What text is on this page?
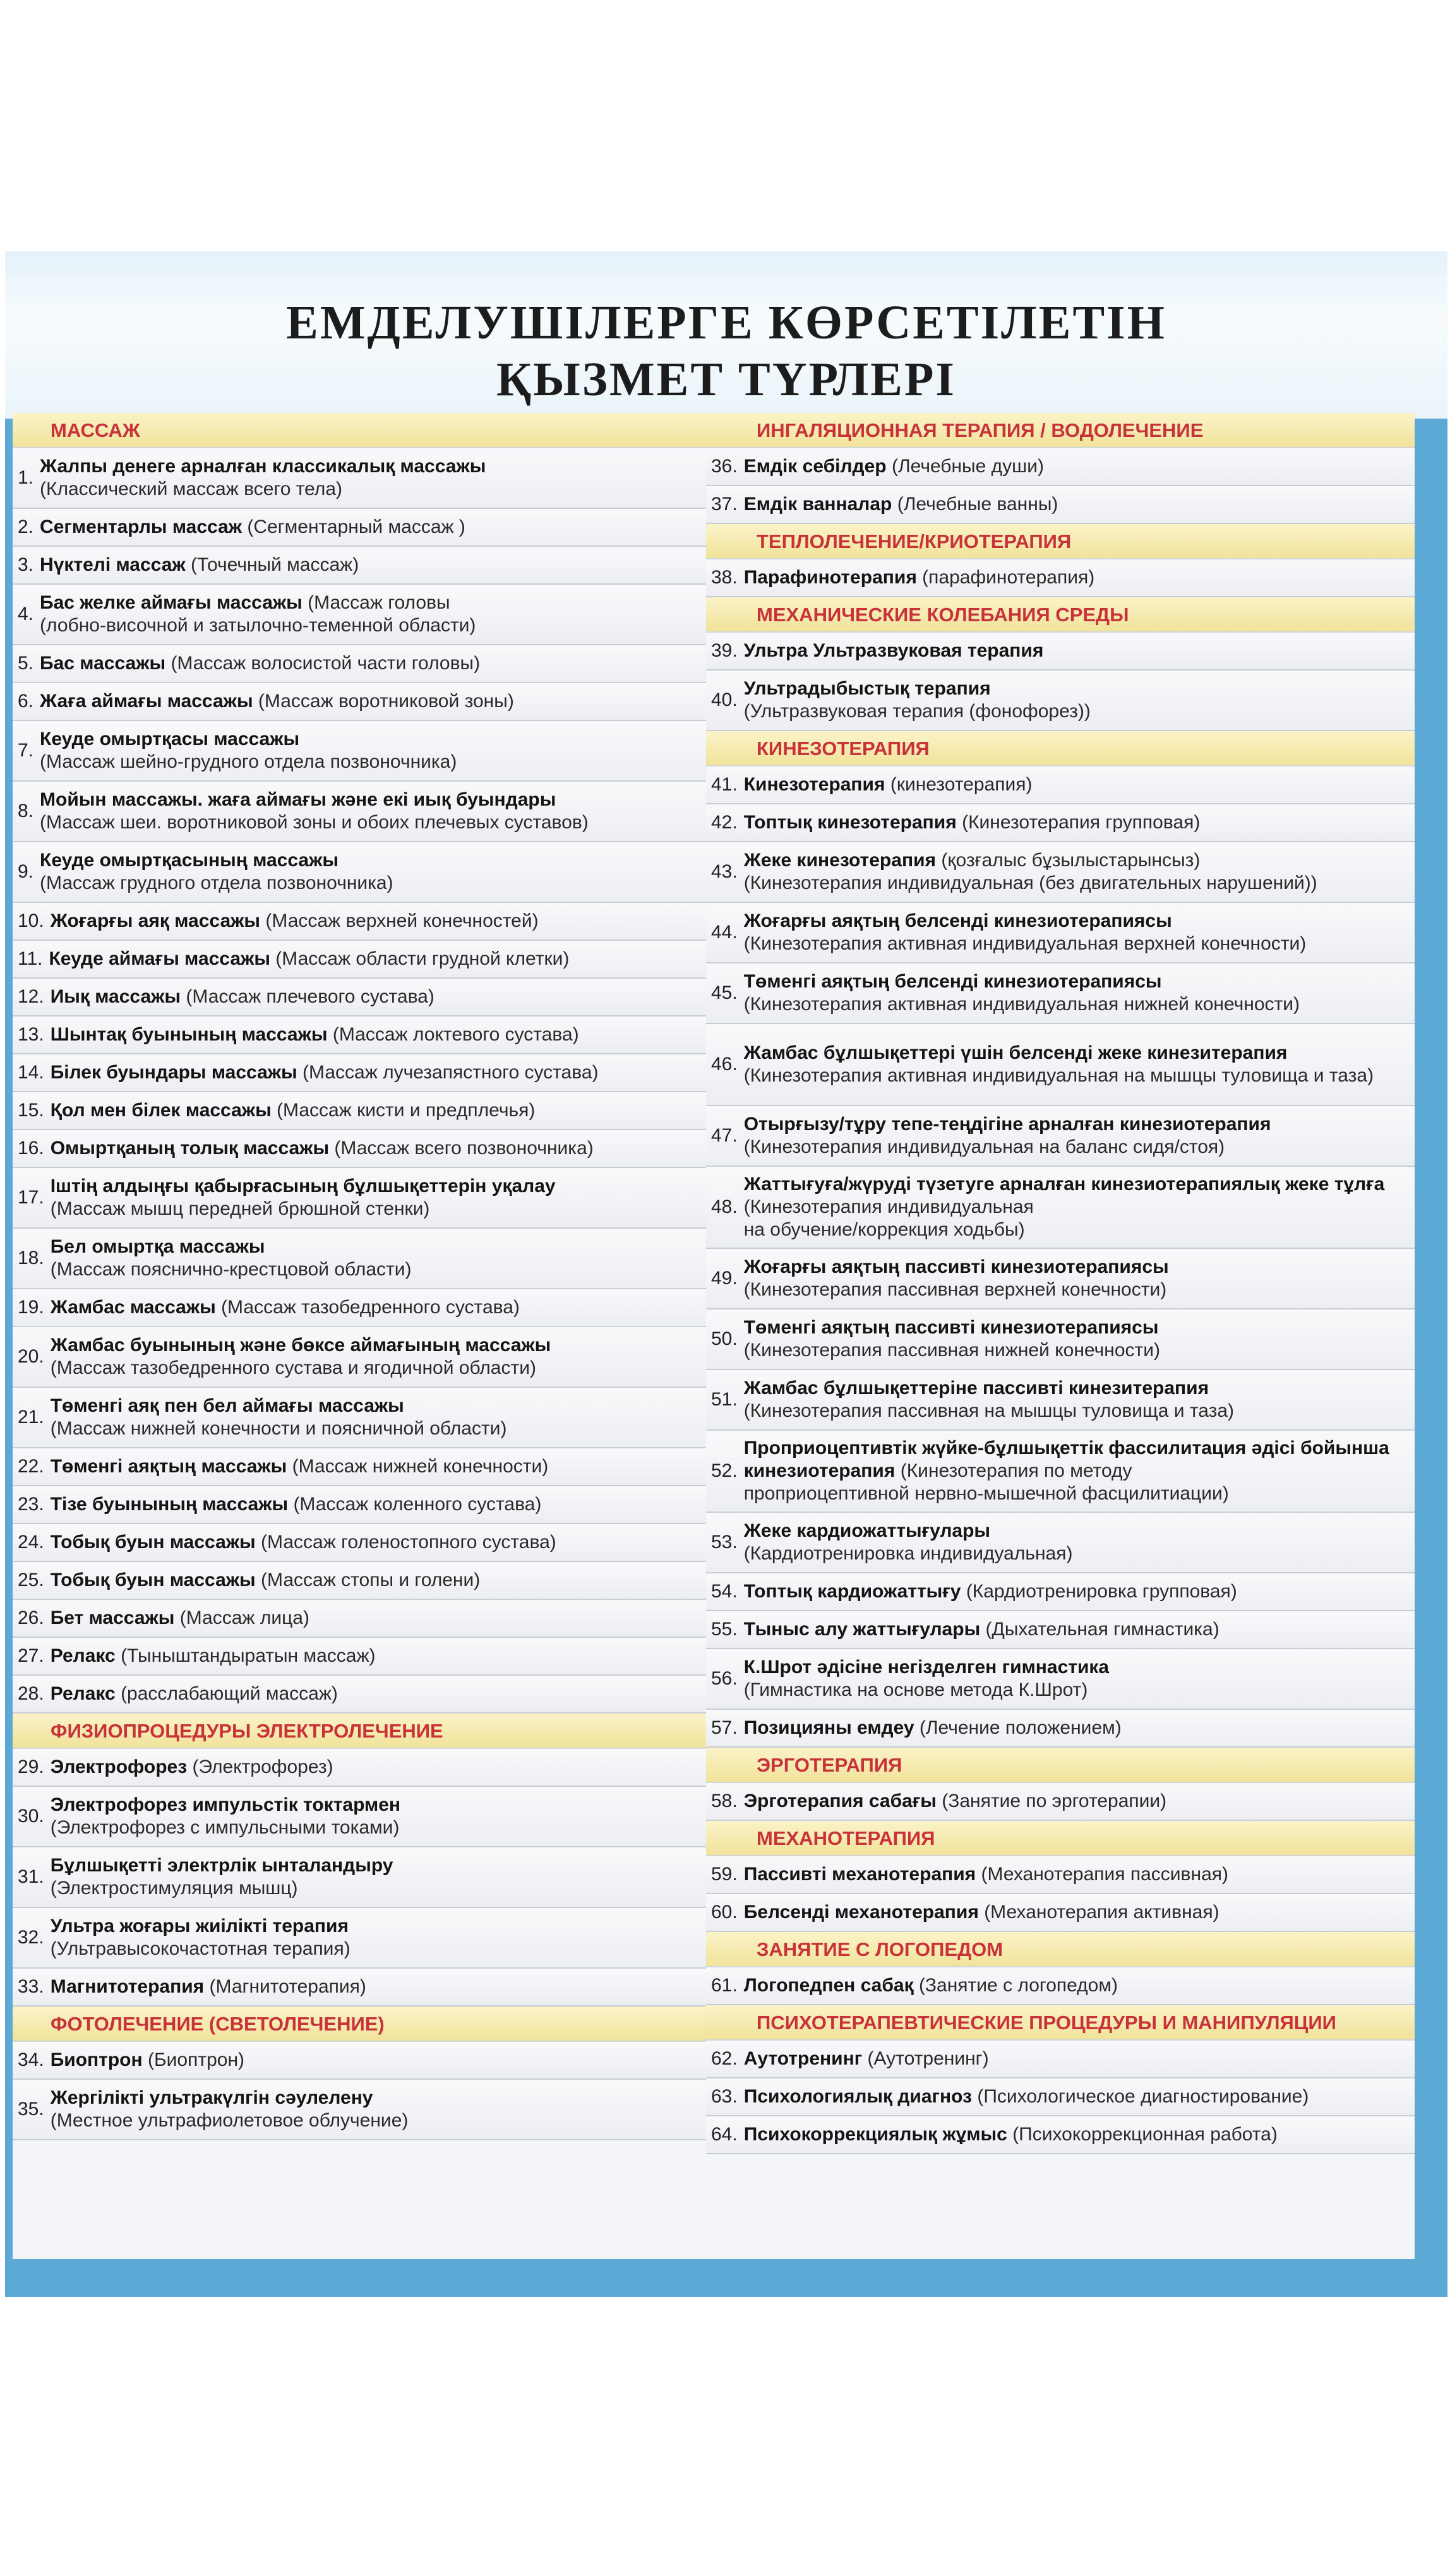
ЕМДЕЛУШІЛЕРГЕ КӨРСЕТІЛЕТІН
ҚЫЗМЕТ ТҮРЛЕРІ
МАССАЖ
1.
Жалпы денеге арналған классикалық массажы
(Классический массаж всего тела)
2. Сегментарлы массаж (Сегментарный массаж )
3. Нүктелі массаж (Точечный массаж)
4.
Бас желке аймағы массажы (Массаж головы
(лобно-височной и затылочно-теменной области)
5. Бас массажы (Массаж волосистой части головы)
6. Жаға аймағы массажы (Массаж воротниковой зоны)
7.
Кеуде омыртқасы массажы
(Массаж шейно-грудного отдела позвоночника)
8.
Мойын массажы. жаға аймағы және екі иық буындары
(Массаж шеи. воротниковой зоны и обоих плечевых суставов)
9.
Кеуде омыртқасының массажы
(Массаж грудного отдела позвоночника)
10. Жоғарғы аяқ массажы (Массаж верхней конечностей)
11. Кеуде аймағы массажы (Массаж области грудной клетки)
12. Иық массажы (Массаж плечевого сустава)
13. Шынтақ буынының массажы (Массаж локтевого сустава)
14. Білек буындары массажы (Массаж лучезапястного сустава)
15. Қол мен білек массажы (Массаж кисти и предплечья)
16. Омыртқаның толық массажы (Массаж всего позвоночника)
17.
Іштің алдыңғы қабырғасының бұлшықеттерін уқалау
(Массаж мышц передней брюшной стенки)
18.
Бел омыртқа массажы
(Массаж пояснично-крестцовой области)
19. Жамбас массажы (Массаж тазобедренного сустава)
20.
Жамбас буынының және бөксе аймағының массажы
(Массаж тазобедренного сустава и ягодичной области)
21.
Төменгі аяқ пен бел аймағы массажы
(Массаж нижней конечности и поясничной области)
22. Төменгі аяқтың массажы (Массаж нижней конечности)
23. Тізе буынының массажы (Массаж коленного сустава)
24. Тобық буын массажы (Массаж голеностопного сустава)
25. Тобық буын массажы (Массаж стопы и голени)
26. Бет массажы (Массаж лица)
27. Релакс (Тыныштандыратын массаж)
28. Релакс (расслабающий массаж)
ФИЗИОПРОЦЕДУРЫ ЭЛЕКТРОЛЕЧЕНИЕ
29. Электрофорез (Электрофорез)
30.
Электрофорез импульстік токтармен
(Электрофорез с импульсными токами)
31.
Бұлшықетті электрлік ынталандыру
(Электростимуляция мышц)
32.
Ультра жоғары жиілікті терапия
(Ультравысокочастотная терапия)
33. Магнитотерапия (Магнитотерапия)
ФОТОЛЕЧЕНИЕ (СВЕТОЛЕЧЕНИЕ)
34. Биоптрон (Биоптрон)
35.
Жергілікті ультракүлгін сәулелену
(Местное ультрафиолетовое облучение)
ИНГАЛЯЦИОННАЯ ТЕРАПИЯ / ВОДОЛЕЧЕНИЕ
36. Емдік себілдер (Лечебные души)
37. Емдік ванналар (Лечебные ванны)
ТЕПЛОЛЕЧЕНИЕ/КРИОТЕРАПИЯ
38. Парафинотерапия (парафинотерапия)
МЕХАНИЧЕСКИЕ КОЛЕБАНИЯ СРЕДЫ
39. Ультра Ультразвуковая терапия
40.
Ультрадыбыстық терапия
(Ультразвуковая терапия (фонофорез))
КИНЕЗОТЕРАПИЯ
41. Кинезотерапия (кинезотерапия)
42. Топтық кинезотерапия (Кинезотерапия групповая)
43.
Жеке кинезотерапия (қозғалыс бұзылыстарынсыз)
(Кинезотерапия индивидуальная (без двигательных нарушений))
44.
Жоғарғы аяқтың белсенді кинезиотерапиясы
(Кинезотерапия активная индивидуальная верхней конечности)
45.
Төменгі аяқтың белсенді кинезиотерапиясы
(Кинезотерапия активная индивидуальная нижней конечности)
46.
Жамбас бұлшықеттері үшін белсенді жеке кинезитерапия
(Кинезотерапия активная индивидуальная на мышцы туловища и таза)
47.
Отырғызу/тұру тепе-теңдігіне арналған кинезиотерапия
(Кинезотерапия индивидуальная на баланс сидя/стоя)
48.
Жаттығуға/жүруді түзетуге арналған кинезиотерапиялық жеке тұлға (Кинезотерапия индивидуальная
на обучение/коррекция ходьбы)
49.
Жоғарғы аяқтың пассивті кинезиотерапиясы
(Кинезотерапия пассивная верхней конечности)
50.
Төменгі аяқтың пассивті кинезиотерапиясы
(Кинезотерапия пассивная нижней конечности)
51.
Жамбас бұлшықеттеріне пассивті кинезитерапия
(Кинезотерапия пассивная на мышцы туловища и таза)
52.
Проприоцептивтік жүйке-бұлшықеттік фассилитация әдісі бойынша кинезиотерапия (Кинезотерапия по методу
проприоцептивной нервно-мышечной фасцилитиации)
53.
Жеке кардиожаттығулары
(Кардиотренировка индивидуальная)
54. Топтық кардиожаттығу (Кардиотренировка групповая)
55. Тыныс алу жаттығулары (Дыхательная гимнастика)
56.
К.Шрот әдісіне негізделген гимнастика
(Гимнастика на основе метода К.Шрот)
57. Позицияны емдеу (Лечение положением)
ЭРГОТЕРАПИЯ
58. Эрготерапия сабағы (Занятие по эрготерапии)
МЕХАНОТЕРАПИЯ
59. Пассивті механотерапия (Механотерапия пассивная)
60. Белсенді механотерапия (Механотерапия активная)
ЗАНЯТИЕ С ЛОГОПЕДОМ
61. Логопедпен сабақ (Занятие с логопедом)
ПСИХОТЕРАПЕВТИЧЕСКИЕ ПРОЦЕДУРЫ И МАНИПУЛЯЦИИ
62. Аутотренинг (Аутотренинг)
63. Психологиялық диагноз (Психологическое диагностирование)
64. Психокоррекциялық жұмыс (Психокоррекционная работа)
